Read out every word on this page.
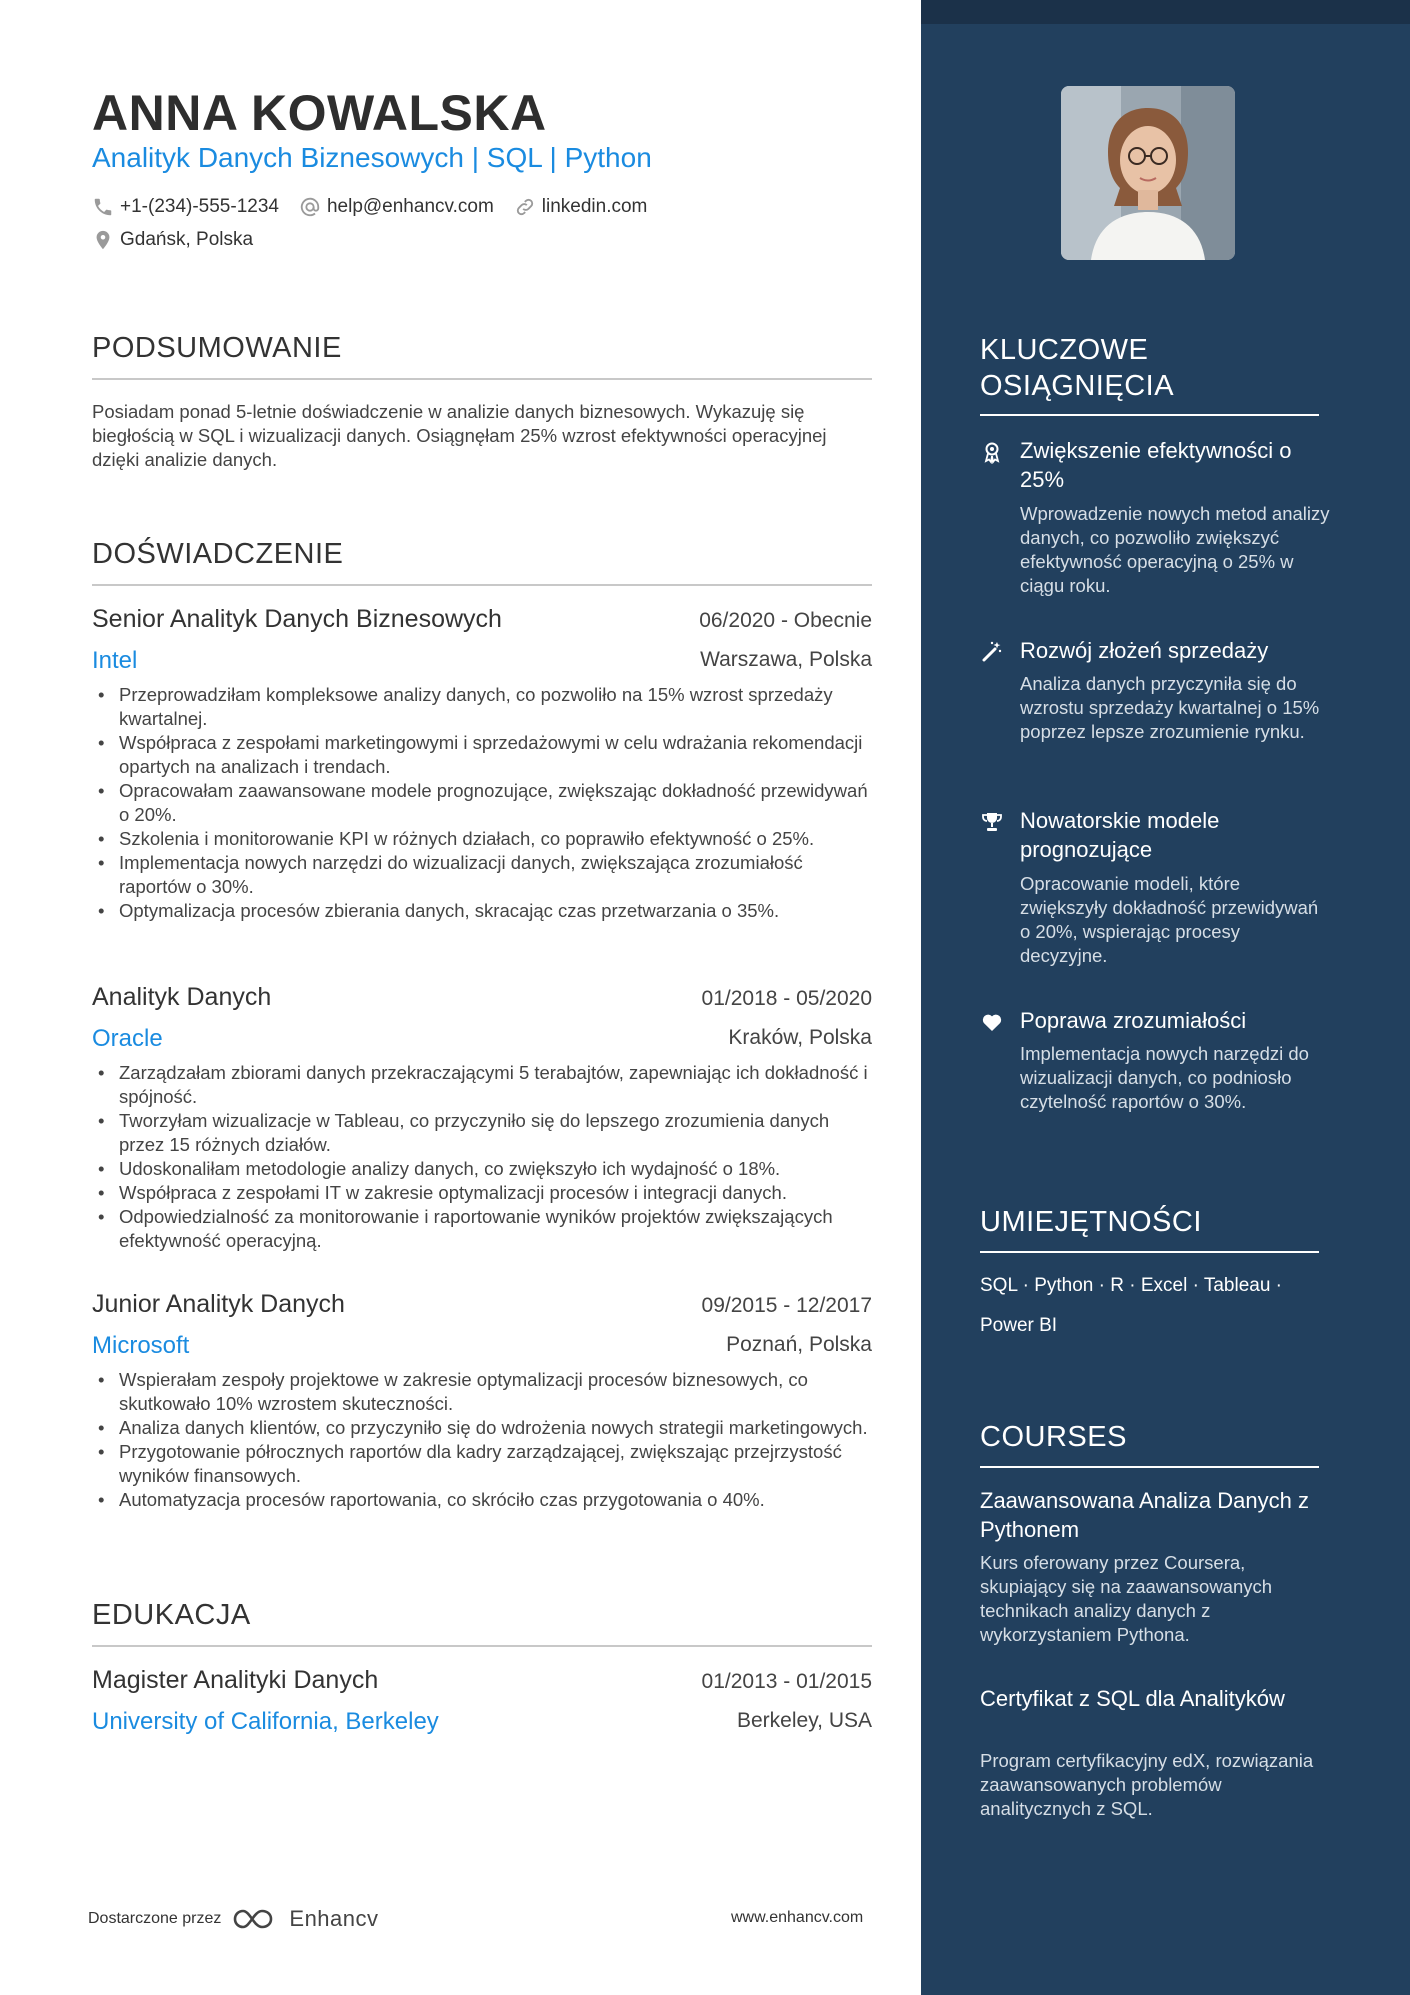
ANNA KOWALSKA
Analityk Danych Biznesowych | SQL | Python
+1-(234)-555-1234	help@enhancv.com	linkedin.com
Gdańsk, Polska
PODSUMOWANIE
Posiadam ponad 5-letnie doświadczenie w analizie danych biznesowych. Wykazuję się biegłością w SQL i wizualizacji danych. Osiągnęłam 25% wzrost efektywności operacyjnej dzięki analizie danych.
DOŚWIADCZENIE
Senior Analityk Danych Biznesowych	06/2020 - Obecnie
Intel	Warszawa, Polska
• Przeprowadziłam kompleksowe analizy danych, co pozwoliło na 15% wzrost sprzedaży kwartalnej.
• Współpraca z zespołami marketingowymi i sprzedażowymi w celu wdrażania rekomendacji opartych na analizach i trendach.
• Opracowałam zaawansowane modele prognozujące, zwiększając dokładność przewidywań o 20%.
• Szkolenia i monitorowanie KPI w różnych działach, co poprawiło efektywność o 25%.
• Implementacja nowych narzędzi do wizualizacji danych, zwiększająca zrozumiałość raportów o 30%.
• Optymalizacja procesów zbierania danych, skracając czas przetwarzania o 35%.
Analityk Danych	01/2018 - 05/2020
Oracle	Kraków, Polska
• Zarządzałam zbiorami danych przekraczającymi 5 terabajtów, zapewniając ich dokładność i spójność.
• Tworzyłam wizualizacje w Tableau, co przyczyniło się do lepszego zrozumienia danych przez 15 różnych działów.
• Udoskonaliłam metodologie analizy danych, co zwiększyło ich wydajność o 18%.
• Współpraca z zespołami IT w zakresie optymalizacji procesów i integracji danych.
• Odpowiedzialność za monitorowanie i raportowanie wyników projektów zwiększających efektywność operacyjną.
Junior Analityk Danych	09/2015 - 12/2017
Microsoft	Poznań, Polska
• Wspierałam zespoły projektowe w zakresie optymalizacji procesów biznesowych, co skutkowało 10% wzrostem skuteczności.
• Analiza danych klientów, co przyczyniło się do wdrożenia nowych strategii marketingowych.
• Przygotowanie półrocznych raportów dla kadry zarządzającej, zwiększając przejrzystość wyników finansowych.
• Automatyzacja procesów raportowania, co skróciło czas przygotowania o 40%.
EDUKACJA
Magister Analityki Danych	01/2013 - 01/2015
University of California, Berkeley	Berkeley, USA
Dostarczone przez	Enhancv	www.enhancv.com
KLUCZOWE OSIĄGNIĘCIA
Zwiększenie efektywności o 25%
Wprowadzenie nowych metod analizy danych, co pozwoliło zwiększyć efektywność operacyjną o 25% w ciągu roku.
Rozwój złożeń sprzedaży
Analiza danych przyczyniła się do wzrostu sprzedaży kwartalnej o 15% poprzez lepsze zrozumienie rynku.
Nowatorskie modele prognozujące
Opracowanie modeli, które zwiększyły dokładność przewidywań o 20%, wspierając procesy decyzyjne.
Poprawa zrozumiałości
Implementacja nowych narzędzi do wizualizacji danych, co podniosło czytelność raportów o 30%.
UMIEJĘTNOŚCI
SQL · Python · R · Excel · Tableau · Power BI
COURSES
Zaawansowana Analiza Danych z Pythonem
Kurs oferowany przez Coursera, skupiający się na zaawansowanych technikach analizy danych z wykorzystaniem Pythona.
Certyfikat z SQL dla Analityków
Program certyfikacyjny edX, rozwiązania zaawansowanych problemów analitycznych z SQL.
